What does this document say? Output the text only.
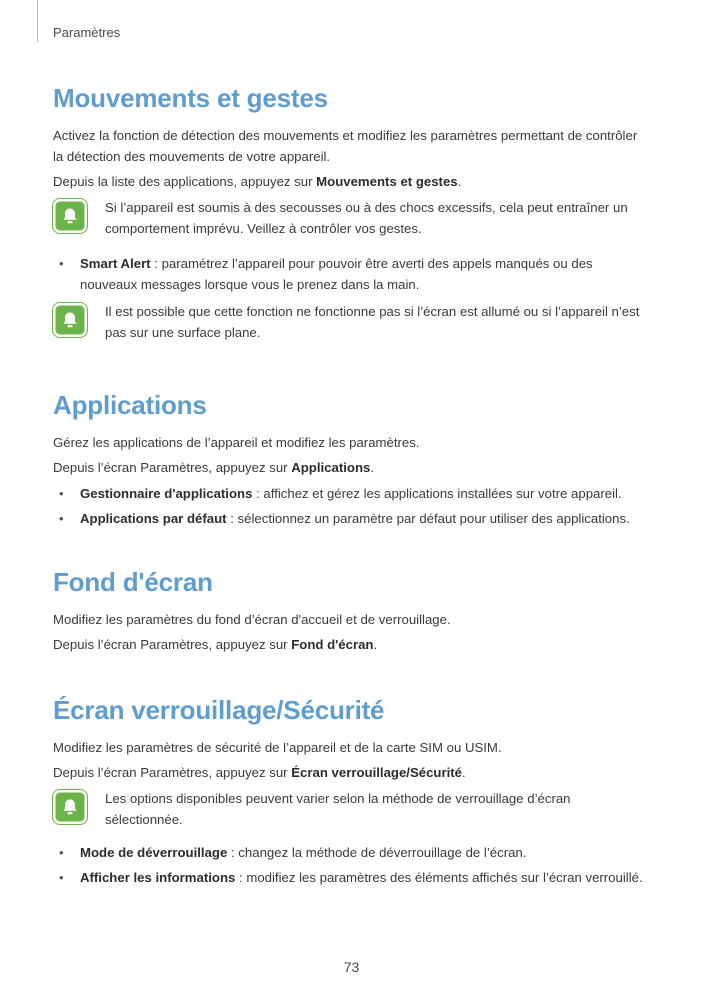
Paramètres
Mouvements et gestes

Activez la fonction de détection des mouvements et modifiez les paramètres permettant de contrôler la détection des mouvements de votre appareil.

Depuis la liste des applications, appuyez sur Mouvements et gestes.

Si l’appareil est soumis à des secousses ou à des chocs excessifs, cela peut entraîner un comportement imprévu. Veillez à contrôler vos gestes.
• Smart Alert : paramétrez l’appareil pour pouvoir être averti des appels manqués ou des nouveaux messages lorsque vous le prenez dans la main.
Il est possible que cette fonction ne fonctionne pas si l’écran est allumé ou si l’appareil n’est pas sur une surface plane.
Applications

Gérez les applications de l’appareil et modifiez les paramètres.

Depuis l’écran Paramètres, appuyez sur Applications.

• Gestionnaire d'applications : affichez et gérez les applications installées sur votre appareil.
• Applications par défaut : sélectionnez un paramètre par défaut pour utiliser des applications.
Fond d'écran

Modifiez les paramètres du fond d’écran d'accueil et de verrouillage.

Depuis l’écran Paramètres, appuyez sur Fond d'écran.

Écran verrouillage/Sécurité

Modifiez les paramètres de sécurité de l’appareil et de la carte SIM ou USIM.

Depuis l’écran Paramètres, appuyez sur Écran verrouillage/Sécurité.

Les options disponibles peuvent varier selon la méthode de verrouillage d’écran sélectionnée.
• Mode de déverrouillage : changez la méthode de déverrouillage de l’écran.
• Afficher les informations : modifiez les paramètres des éléments affichés sur l’écran verrouillé.
73
